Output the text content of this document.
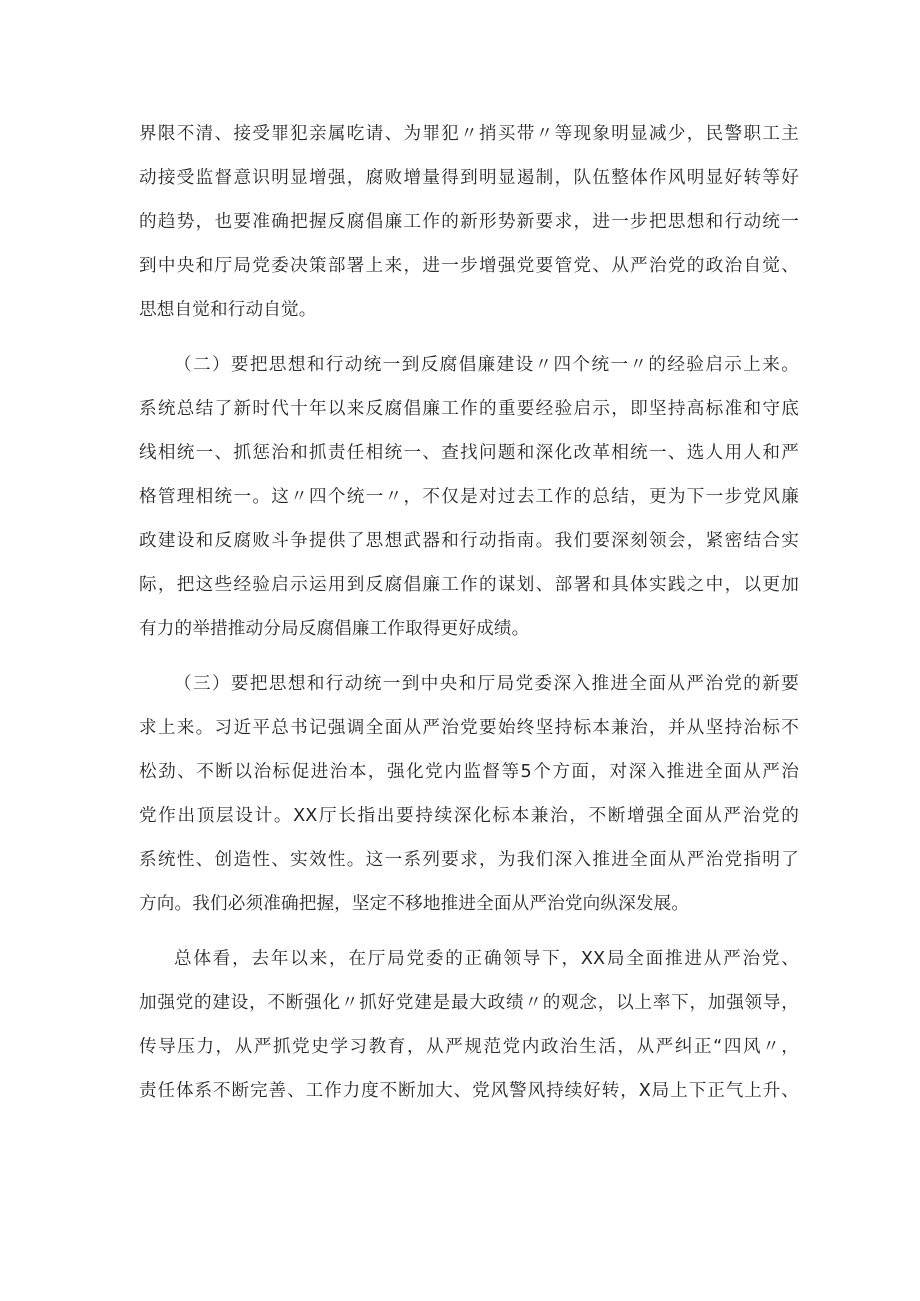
界限不清、接受罪犯亲属吃请、为罪犯〃捎买带〃等现象明显减少，民警职工主
动接受监督意识明显增强，腐败增量得到明显遏制，队伍整体作风明显好转等好
的趋势，也要准确把握反腐倡廉工作的新形势新要求，进一步把思想和行动统一
到中央和厅局党委决策部署上来，进一步增强党要管党、从严治党的政治自觉、
思想自觉和行动自觉。
（二）要把思想和行动统一到反腐倡廉建设〃四个统一〃的经验启示上来。
系统总结了新时代十年以来反腐倡廉工作的重要经验启示，即坚持高标准和守底
线相统一、抓惩治和抓责任相统一、查找问题和深化改革相统一、选人用人和严
格管理相统一。这〃四个统一〃，不仅是对过去工作的总结，更为下一步党风廉
政建设和反腐败斗争提供了思想武器和行动指南。我们要深刻领会，紧密结合实
际，把这些经验启示运用到反腐倡廉工作的谋划、部署和具体实践之中，以更加
有力的举措推动分局反腐倡廉工作取得更好成绩。
（三）要把思想和行动统一到中央和厅局党委深入推进全面从严治党的新要
求上来。习近平总书记强调全面从严治党要始终坚持标本兼治，并从坚持治标不
松劲、不断以治标促进治本，强化党内监督等5个方面，对深入推进全面从严治
党作出顶层设计。XX厅长指出要持续深化标本兼治，不断增强全面从严治党的
系统性、创造性、实效性。这一系列要求，为我们深入推进全面从严治党指明了
方向。我们必须准确把握，坚定不移地推进全面从严治党向纵深发展。
总体看，去年以来，在厅局党委的正确领导下，XX局全面推进从严治党、
加强党的建设，不断强化〃抓好党建是最大政绩〃的观念，以上率下，加强领导，
传导压力，从严抓党史学习教育，从严规范党内政治生活，从严纠正“四风〃，
责任体系不断完善、工作力度不断加大、党风警风持续好转，X局上下正气上升、
